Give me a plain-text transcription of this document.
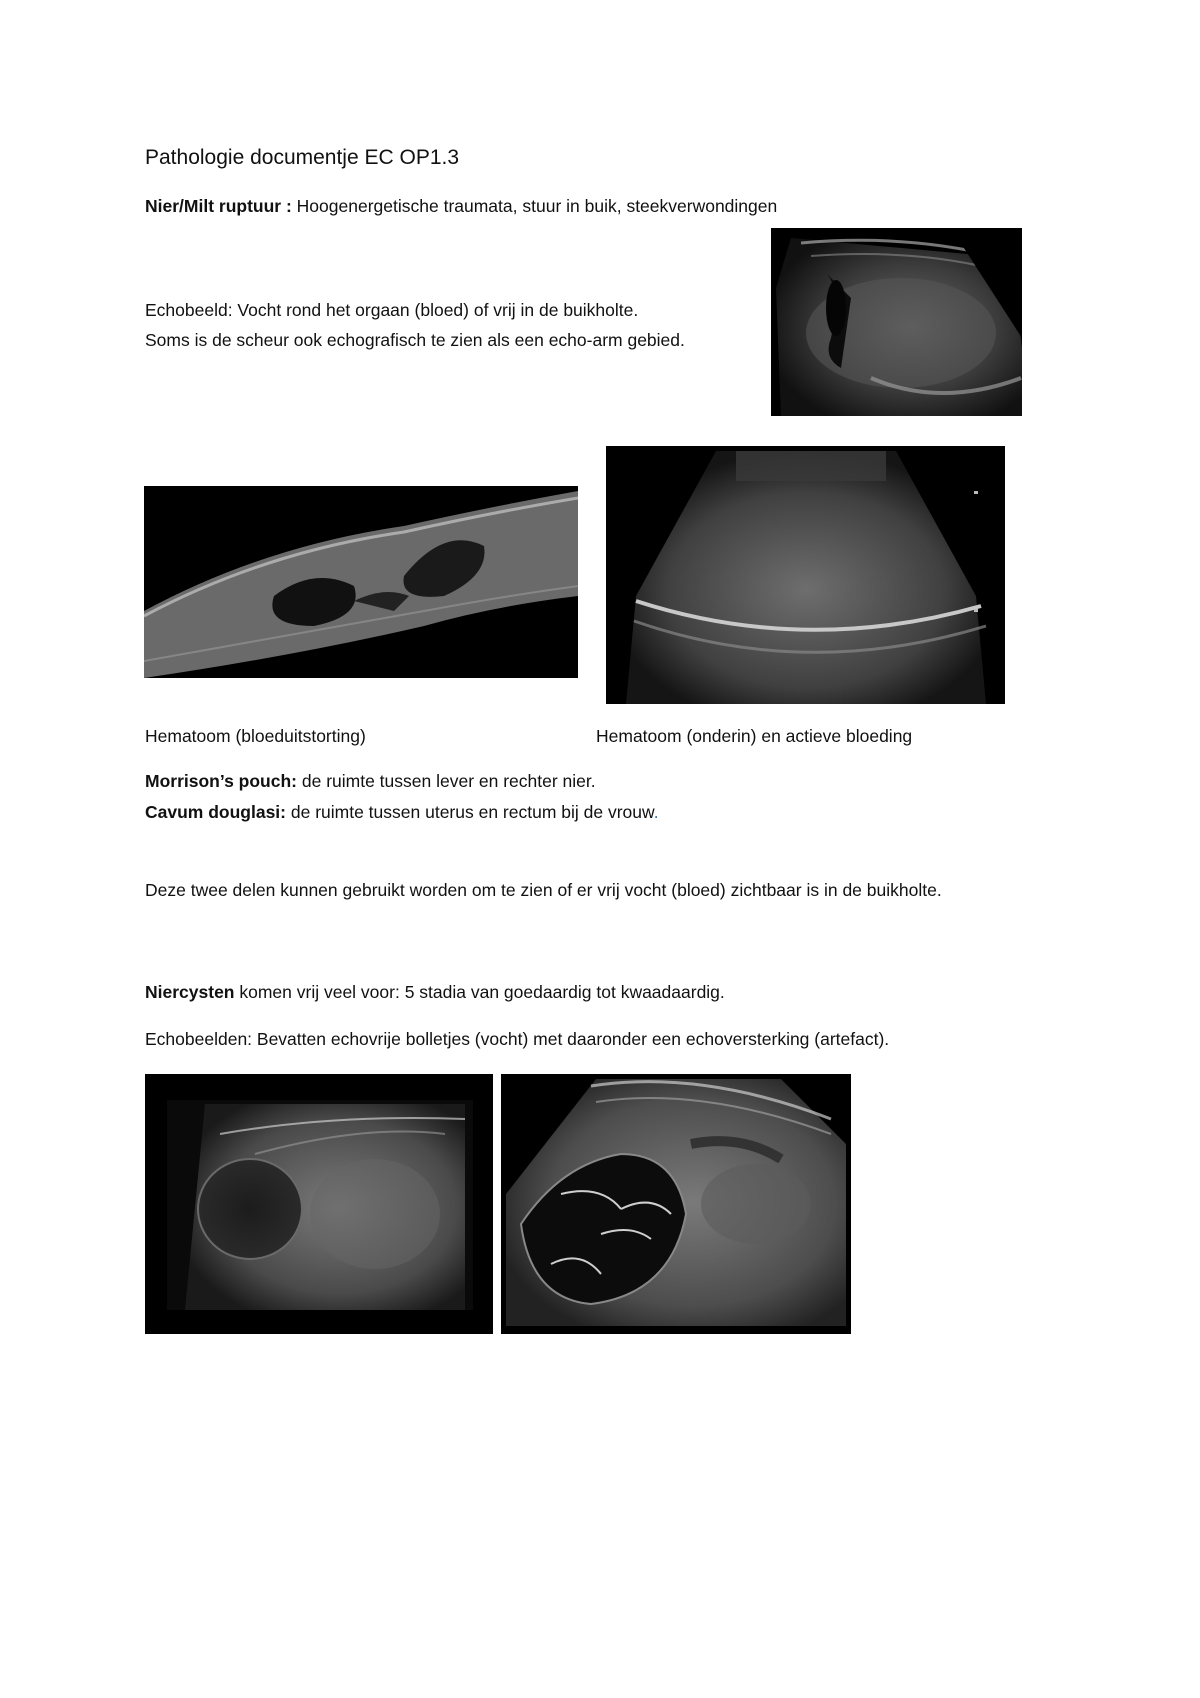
Pathologie documentje EC OP1.3
Nier/Milt ruptuur : Hoogenergetische traumata, stuur in buik, steekverwondingen
Echobeeld: Vocht rond het orgaan (bloed) of vrij in de buikholte.
Soms is de scheur ook echografisch te zien als een echo-arm gebied.
Hematoom (bloeduitstorting)	Hematoom (onderin) en actieve bloeding
Morrison’s pouch: de ruimte tussen lever en rechter nier.
Cavum douglasi: de ruimte tussen uterus en rectum bij de vrouw.
Deze twee delen kunnen gebruikt worden om te zien of er vrij vocht (bloed) zichtbaar is in de buikholte.
Niercysten komen vrij veel voor: 5 stadia van goedaardig tot kwaadaardig.
Echobeelden: Bevatten echovrije bolletjes (vocht) met daaronder een echoversterking (artefact).
